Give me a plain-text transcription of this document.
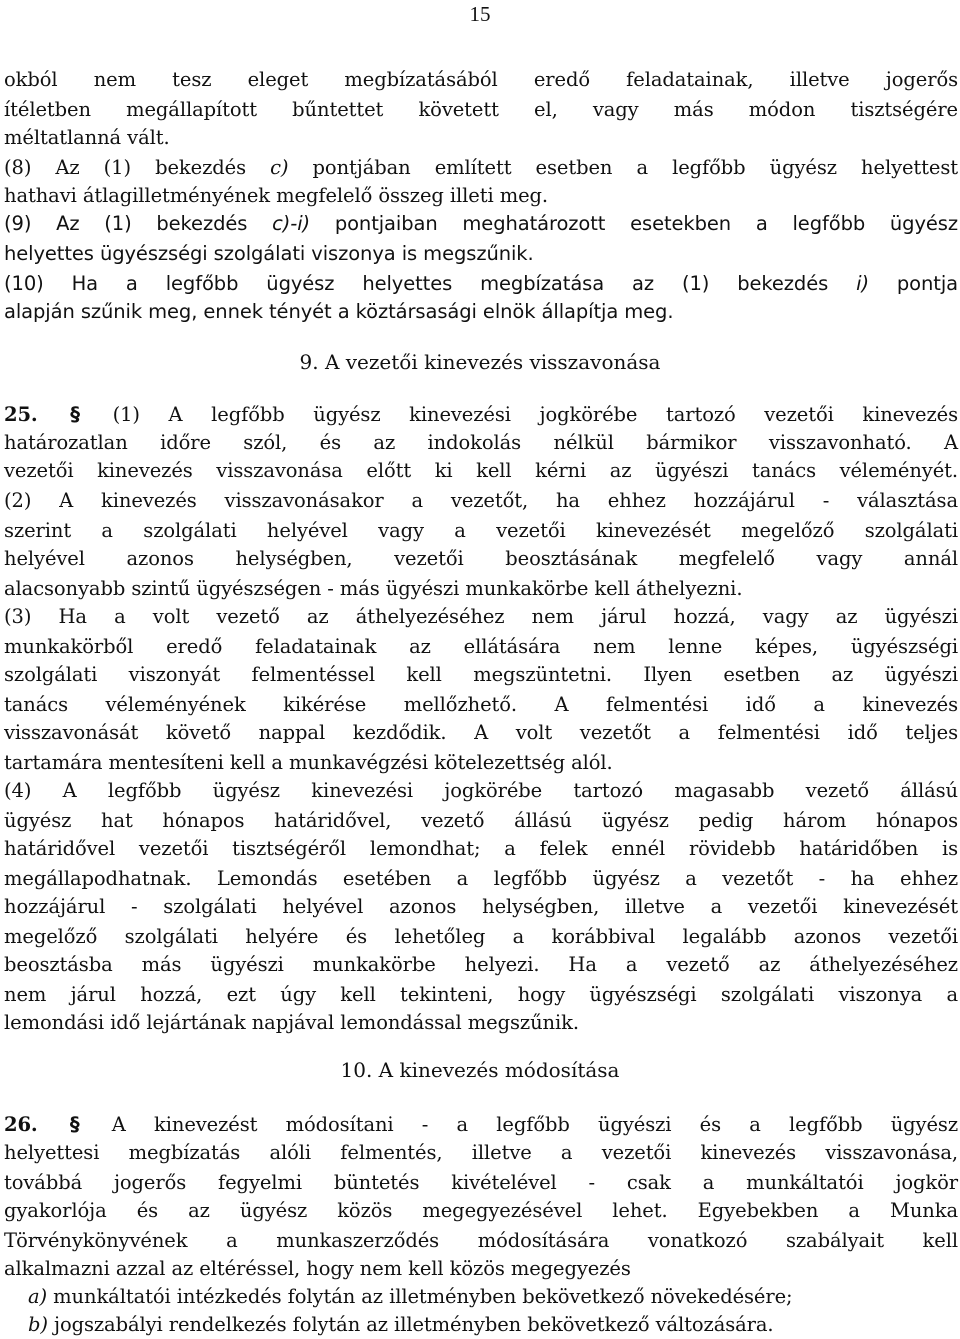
15
okból nem tesz eleget megbízatásából eredő feladatainak, illetve jogerős
ítéletben megállapított bűntettet követett el, vagy más módon tisztségére
méltatlanná vált.
(8) Az (1) bekezdés c) pontjában említett esetben a legfőbb ügyész helyettest
hathavi átlagilletményének megfelelő összeg illeti meg.
(9) Az (1) bekezdés c)-i) pontjaiban meghatározott esetekben a legfőbb ügyész
helyettes ügyészségi szolgálati viszonya is megszűnik.
(10) Ha a legfőbb ügyész helyettes megbízatása az (1) bekezdés i) pontja
alapján szűnik meg, ennek tényét a köztársasági elnök állapítja meg.
9. A vezetői kinevezés visszavonása
25. § (1) A legfőbb ügyész kinevezési jogkörébe tartozó vezetői kinevezés
határozatlan időre szól, és az indokolás nélkül bármikor visszavonható. A
vezetői kinevezés visszavonása előtt ki kell kérni az ügyészi tanács véleményét.
(2) A kinevezés visszavonásakor a vezetőt, ha ehhez hozzájárul - választása
szerint a szolgálati helyével vagy a vezetői kinevezését megelőző szolgálati
helyével azonos helységben, vezetői beosztásának megfelelő vagy annál
alacsonyabb szintű ügyészségen - más ügyészi munkakörbe kell áthelyezni.
(3) Ha a volt vezető az áthelyezéséhez nem járul hozzá, vagy az ügyészi
munkakörből eredő feladatainak az ellátására nem lenne képes, ügyészségi
szolgálati viszonyát felmentéssel kell megszüntetni. Ilyen esetben az ügyészi
tanács véleményének kikérése mellőzhető. A felmentési idő a kinevezés
visszavonását követő nappal kezdődik. A volt vezetőt a felmentési idő teljes
tartamára mentesíteni kell a munkavégzési kötelezettség alól.
(4) A legfőbb ügyész kinevezési jogkörébe tartozó magasabb vezető állású
ügyész hat hónapos határidővel, vezető állású ügyész pedig három hónapos
határidővel vezetői tisztségéről lemondhat; a felek ennél rövidebb határidőben is
megállapodhatnak. Lemondás esetében a legfőbb ügyész a vezetőt - ha ehhez
hozzájárul - szolgálati helyével azonos helységben, illetve a vezetői kinevezését
megelőző szolgálati helyére és lehetőleg a korábbival legalább azonos vezetői
beosztásba más ügyészi munkakörbe helyezi. Ha a vezető az áthelyezéséhez
nem járul hozzá, ezt úgy kell tekinteni, hogy ügyészségi szolgálati viszonya a
lemondási idő lejártának napjával lemondással megszűnik.
10. A kinevezés módosítása
26. § A kinevezést módosítani - a legfőbb ügyészi és a legfőbb ügyész
helyettesi megbízatás alóli felmentés, illetve a vezetői kinevezés visszavonása,
továbbá jogerős fegyelmi büntetés kivételével - csak a munkáltatói jogkör
gyakorlója és az ügyész közös megegyezésével lehet. Egyebekben a Munka
Törvénykönyvének a munkaszerződés módosítására vonatkozó szabályait kell
alkalmazni azzal az eltéréssel, hogy nem kell közös megegyezés
a) munkáltatói intézkedés folytán az illetményben bekövetkező növekedésére;
b) jogszabályi rendelkezés folytán az illetményben bekövetkező változására.
